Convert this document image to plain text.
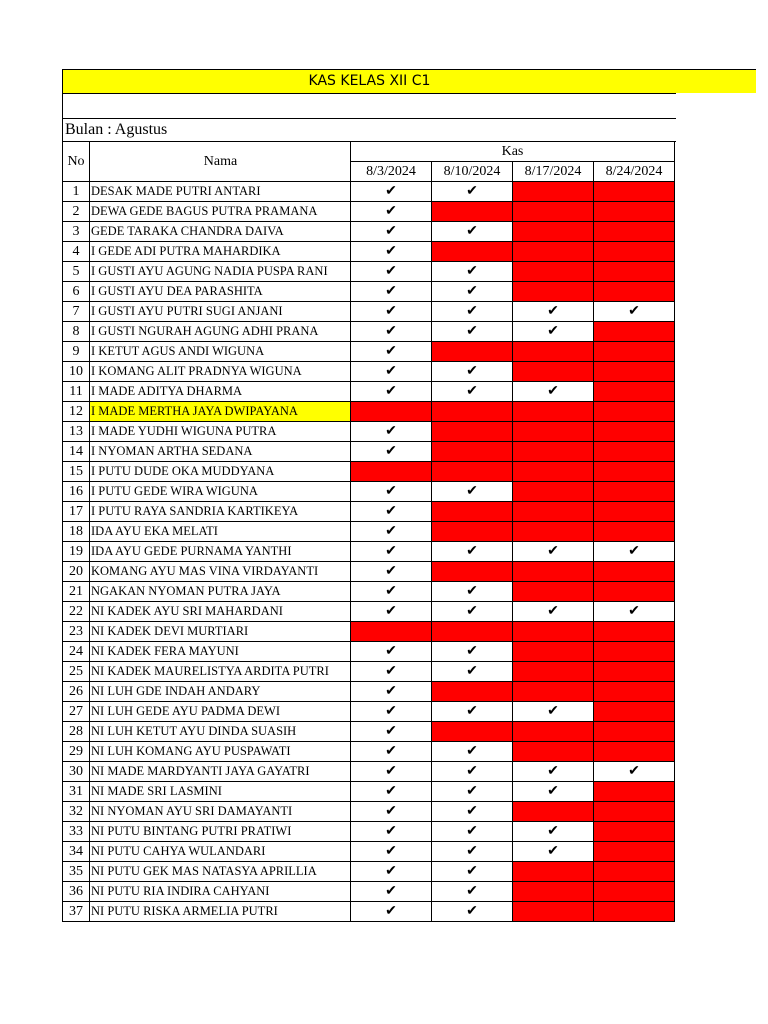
KAS KELAS XII C1
Bulan : Agustus
No	Nama	Kas			
		8/3/2024	8/10/2024	8/17/2024	8/24/2024
1	DESAK MADE PUTRI ANTARI	✔	✔		
2	DEWA GEDE BAGUS PUTRA PRAMANA	✔			
3	GEDE TARAKA CHANDRA DAIVA	✔	✔		
4	I GEDE ADI PUTRA MAHARDIKA	✔			
5	I GUSTI AYU AGUNG NADIA PUSPA RANI	✔	✔		
6	I GUSTI AYU DEA PARASHITA	✔	✔		
7	I GUSTI AYU PUTRI SUGI ANJANI	✔	✔	✔	✔
8	I GUSTI NGURAH AGUNG ADHI PRANA	✔	✔	✔	
9	I KETUT AGUS ANDI WIGUNA	✔			
10	I KOMANG ALIT PRADNYA WIGUNA	✔	✔		
11	I MADE ADITYA DHARMA	✔	✔	✔	
12	I MADE MERTHA JAYA DWIPAYANA				
13	I MADE YUDHI WIGUNA PUTRA	✔			
14	I NYOMAN ARTHA SEDANA	✔			
15	I PUTU DUDE OKA MUDDYANA				
16	I PUTU GEDE WIRA WIGUNA	✔	✔		
17	I PUTU RAYA SANDRIA KARTIKEYA	✔			
18	IDA AYU EKA MELATI	✔			
19	IDA AYU GEDE PURNAMA YANTHI	✔	✔	✔	✔
20	KOMANG AYU MAS VINA VIRDAYANTI	✔			
21	NGAKAN NYOMAN PUTRA JAYA	✔	✔		
22	NI KADEK AYU SRI MAHARDANI	✔	✔	✔	✔
23	NI KADEK DEVI MURTIARI				
24	NI KADEK FERA MAYUNI	✔	✔		
25	NI KADEK MAURELISTYA ARDITA PUTRI	✔	✔		
26	NI LUH GDE INDAH ANDARY	✔			
27	NI LUH GEDE AYU PADMA DEWI	✔	✔	✔	
28	NI LUH KETUT AYU DINDA SUASIH	✔			
29	NI LUH KOMANG AYU PUSPAWATI	✔	✔		
30	NI MADE MARDYANTI JAYA GAYATRI	✔	✔	✔	✔
31	NI MADE SRI LASMINI	✔	✔	✔	
32	NI NYOMAN AYU SRI DAMAYANTI	✔	✔		
33	NI PUTU BINTANG PUTRI PRATIWI	✔	✔	✔	
34	NI PUTU CAHYA WULANDARI	✔	✔	✔	
35	NI PUTU GEK MAS NATASYA APRILLIA	✔	✔		
36	NI PUTU RIA INDIRA CAHYANI	✔	✔		
37	NI PUTU RISKA ARMELIA PUTRI	✔	✔		
